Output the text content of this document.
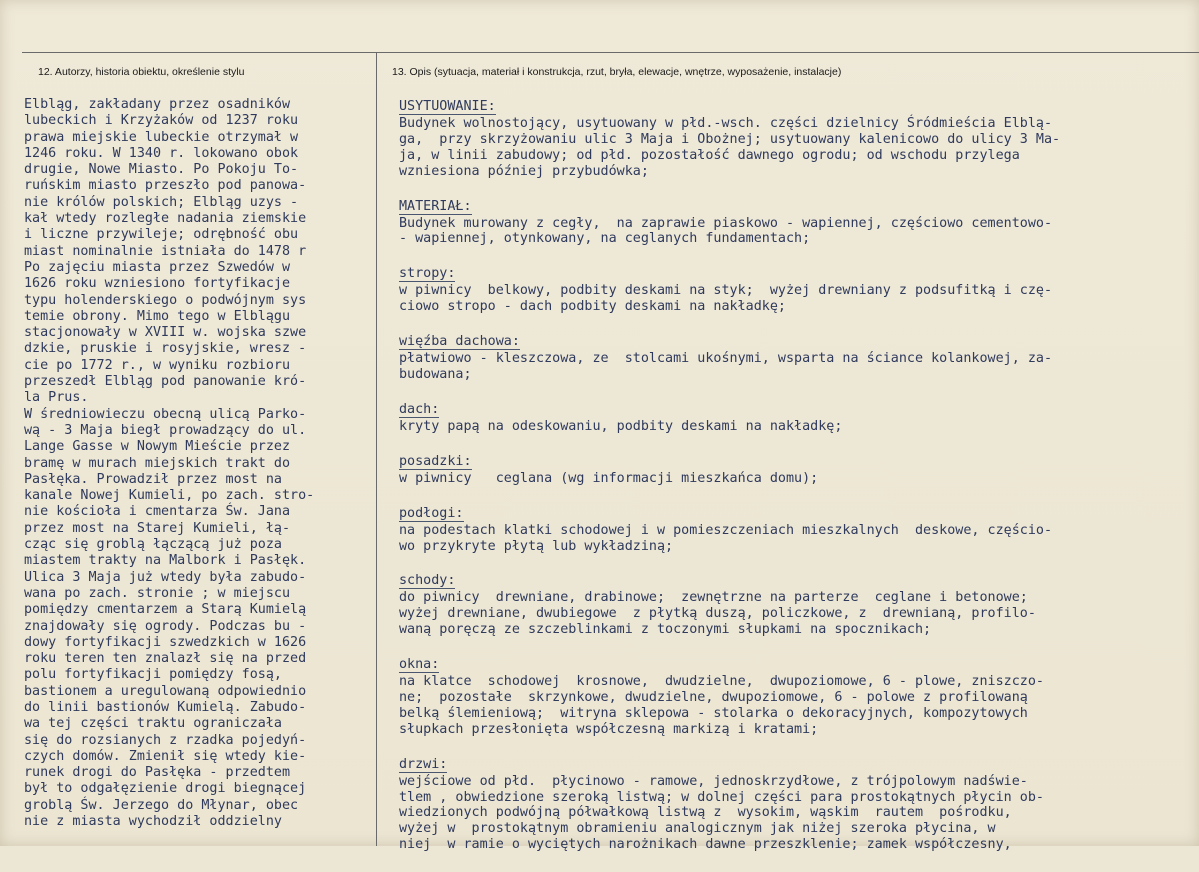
12. Autorzy, historia obiektu, określenie stylu	13. Opis (sytuacja, materiał i konstrukcja, rzut, bryła, elewacje, wnętrze, wyposażenie, instalacje)
Elbląg, zakładany przez osadników
lubeckich i Krzyżaków od 1237 roku
prawa miejskie lubeckie otrzymał w
1246 roku. W 1340 r. lokowano obok
drugie, Nowe Miasto. Po Pokoju To-
ruńskim miasto przeszło pod panowa-
nie królów polskich; Elbląg uzys -
kał wtedy rozległe nadania ziemskie
i liczne przywileje; odrębność obu
miast nominalnie istniała do 1478 r
Po zajęciu miasta przez Szwedów w
1626 roku wzniesiono fortyfikacje
typu holenderskiego o podwójnym sys
temie obrony. Mimo tego w Elblągu
stacjonowały w XVIII w. wojska szwe
dzkie, pruskie i rosyjskie, wresz -
cie po 1772 r., w wyniku rozbioru
przeszedł Elbląg pod panowanie kró-
la Prus.
W średniowieczu obecną ulicą Parko-
wą - 3 Maja biegł prowadzący do ul.
Lange Gasse w Nowym Mieście przez
bramę w murach miejskich trakt do
Pasłęka. Prowadził przez most na
kanale Nowej Kumieli, po zach. stro-
nie kościoła i cmentarza Św. Jana
przez most na Starej Kumieli, łą-
cząc się groblą łączącą już poza
miastem trakty na Malbork i Pasłęk.
Ulica 3 Maja już wtedy była zabudo-
wana po zach. stronie ; w miejscu
pomiędzy cmentarzem a Starą Kumielą
znajdowały się ogrody. Podczas bu -
dowy fortyfikacji szwedzkich w 1626
roku teren ten znalazł się na przed
polu fortyfikacji pomiędzy fosą,
bastionem a uregulowaną odpowiednio
do linii bastionów Kumielą. Zabudo-
wa tej części traktu ograniczała
się do rozsianych z rzadka pojedyń-
czych domów. Zmienił się wtedy kie-
runek drogi do Pasłęka - przedtem
był to odgałęzienie drogi biegnącej
groblą Św. Jerzego do Młynar, obec
nie z miasta wychodził oddzielny
USYTUOWANIE:
Budynek wolnostojący, usytuowany w płd.-wsch. części dzielnicy Śródmieścia Elblą-
ga,  przy skrzyżowaniu ulic 3 Maja i Obożnej; usytuowany kalenicowo do ulicy 3 Ma-
ja, w linii zabudowy; od płd. pozostałość dawnego ogrodu; od wschodu przylega
wzniesiona później przybudówka;
MATERIAŁ:
Budynek murowany z cegły,  na zaprawie piaskowo - wapiennej, częściowo cementowo-
- wapiennej, otynkowany, na ceglanych fundamentach;
stropy:
w piwnicy  belkowy, podbity deskami na styk;  wyżej drewniany z podsufitką i czę-
ciowo stropo - dach podbity deskami na nakładkę;
więźba dachowa:
płatwiowo - kleszczowa, ze  stolcami ukośnymi, wsparta na ściance kolankowej, za-
budowana;
dach:
kryty papą na odeskowaniu, podbity deskami na nakładkę;
posadzki:
w piwnicy   ceglana (wg informacji mieszkańca domu);
podłogi:
na podestach klatki schodowej i w pomieszczeniach mieszkalnych  deskowe, częścio-
wo przykryte płytą lub wykładziną;
schody:
do piwnicy  drewniane, drabinowe;  zewnętrzne na parterze  ceglane i betonowe;
wyżej drewniane, dwubiegowe  z płytką duszą, policzkowe, z  drewnianą, profilo-
waną poręczą ze szczeblinkami z toczonymi słupkami na spocznikach;
okna:
na klatce  schodowej  krosnowe,  dwudzielne,  dwupoziomowe, 6 - plowe, zniszczo-
ne;  pozostałe  skrzynkowe, dwudzielne, dwupoziomowe, 6 - polowe z profilowaną
belką ślemieniową;  witryna sklepowa - stolarka o dekoracyjnych, kompozytowych
słupkach przesłonięta współczesną markizą i kratami;
drzwi:
wejściowe od płd.  płycinowo - ramowe, jednoskrzydłowe, z trójpolowym nadświe-
tlem , obwiedzione szeroką listwą; w dolnej części para prostokątnych płycin ob-
wiedzionych podwójną półwałkową listwą z  wysokim, wąskim  rautem  pośrodku,
wyżej w  prostokątnym obramieniu analogicznym jak niżej szeroka płycina, w
niej  w ramie o wyciętych narożnikach dawne przeszklenie; zamek współczesny,
